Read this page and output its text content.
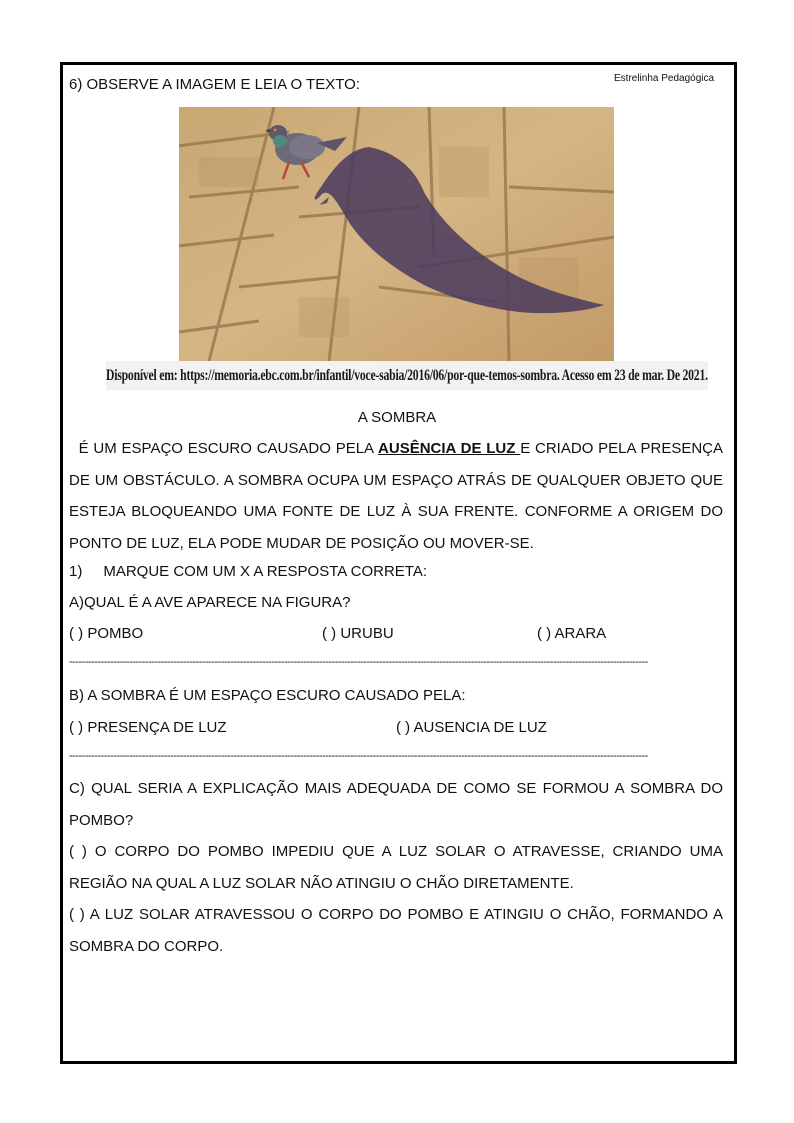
6) OBSERVE A IMAGEM E LEIA O TEXTO:	Estrelinha Pedagógica
Disponível em: https://memoria.ebc.com.br/infantil/voce-sabia/2016/06/por-que-temos-sombra. Acesso em 23 de mar. De 2021.
A SOMBRA
É UM ESPAÇO ESCURO CAUSADO PELA AUSÊNCIA DE LUZ E CRIADO PELA PRESENÇA DE UM OBSTÁCULO. A SOMBRA OCUPA UM ESPAÇO ATRÁS DE QUALQUER OBJETO QUE ESTEJA BLOQUEANDO UMA FONTE DE LUZ À SUA FRENTE. CONFORME A ORIGEM DO PONTO DE LUZ, ELA PODE MUDAR DE POSIÇÃO OU MOVER-SE.
1) MARQUE COM UM X A RESPOSTA CORRETA:
A)QUAL É A AVE APARECE NA FIGURA?
( ) POMBO	( ) URUBU	( ) ARARA
---------------------------------------------------------------------------------------------------------------------------------------------------------------------------------------
B) A SOMBRA É UM ESPAÇO ESCURO CAUSADO PELA:
( ) PRESENÇA DE LUZ	( ) AUSENCIA DE LUZ
---------------------------------------------------------------------------------------------------------------------------------------------------------------------------------------
C) QUAL SERIA A EXPLICAÇÃO MAIS ADEQUADA DE COMO SE FORMOU A SOMBRA DO POMBO?
( ) O CORPO DO POMBO IMPEDIU QUE A LUZ SOLAR O ATRAVESSE, CRIANDO UMA REGIÃO NA QUAL A LUZ SOLAR NÃO ATINGIU O CHÃO DIRETAMENTE.
( ) A LUZ SOLAR ATRAVESSOU O CORPO DO POMBO E ATINGIU O CHÃO, FORMANDO A SOMBRA DO CORPO.
